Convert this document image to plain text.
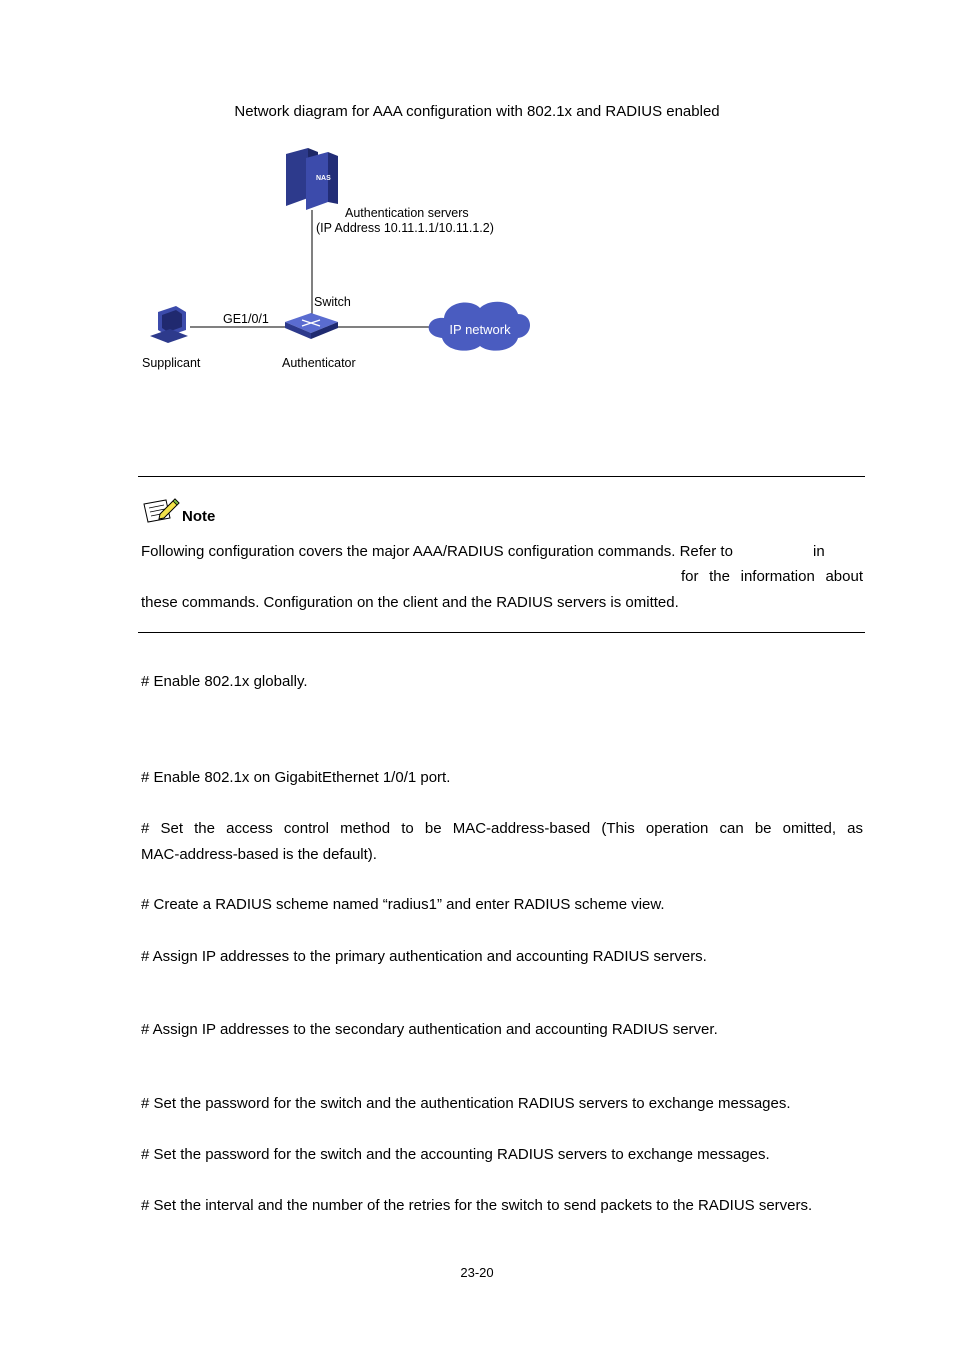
Network diagram for AAA configuration with 802.1x and RADIUS enabled
NAS
IP network
Authentication servers
(IP Address 10.11.1.1/10.11.1.2)
Switch
GE1/0/1
Supplicant	Authenticator
Note
Following configuration covers the major AAA/RADIUS configuration commands. Refer to	in
for the information about
these commands. Configuration on the client and the RADIUS servers is omitted.
# Enable 802.1x globally.
# Enable 802.1x on GigabitEthernet 1/0/1 port.
# Set the access control method to be MAC-address-based (This operation can be omitted, as
MAC-address-based is the default).
# Create a RADIUS scheme named “radius1” and enter RADIUS scheme view.
# Assign IP addresses to the primary authentication and accounting RADIUS servers.
# Assign IP addresses to the secondary authentication and accounting RADIUS server.
# Set the password for the switch and the authentication RADIUS servers to exchange messages.
# Set the password for the switch and the accounting RADIUS servers to exchange messages.
# Set the interval and the number of the retries for the switch to send packets to the RADIUS servers.
23-20
